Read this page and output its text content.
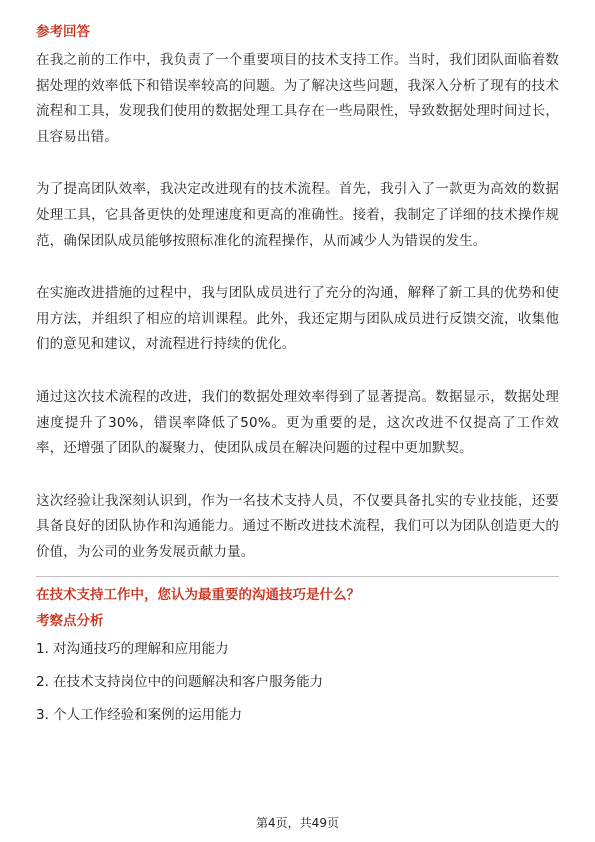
参考回答

在我之前的工作中，我负责了一个重要项目的技术支持工作。当时，我们团队面临着数据处理的效率低下和错误率较高的问题。为了解决这些问题，我深入分析了现有的技术流程和工具，发现我们使用的数据处理工具存在一些局限性，导致数据处理时间过长，且容易出错。

为了提高团队效率，我决定改进现有的技术流程。首先，我引入了一款更为高效的数据处理工具，它具备更快的处理速度和更高的准确性。接着，我制定了详细的技术操作规范，确保团队成员能够按照标准化的流程操作，从而减少人为错误的发生。

在实施改进措施的过程中，我与团队成员进行了充分的沟通，解释了新工具的优势和使用方法，并组织了相应的培训课程。此外，我还定期与团队成员进行反馈交流，收集他们的意见和建议，对流程进行持续的优化。

通过这次技术流程的改进，我们的数据处理效率得到了显著提高。数据显示，数据处理速度提升了30%，错误率降低了50%。更为重要的是，这次改进不仅提高了工作效率，还增强了团队的凝聚力，使团队成员在解决问题的过程中更加默契。

这次经验让我深刻认识到，作为一名技术支持人员，不仅要具备扎实的专业技能，还要具备良好的团队协作和沟通能力。通过不断改进技术流程，我们可以为团队创造更大的价值，为公司的业务发展贡献力量。

在技术支持工作中，您认为最重要的沟通技巧是什么？

考察点分析

1. 对沟通技巧的理解和应用能力
2. 在技术支持岗位中的问题解决和客户服务能力
3. 个人工作经验和案例的运用能力
第4页，共49页
